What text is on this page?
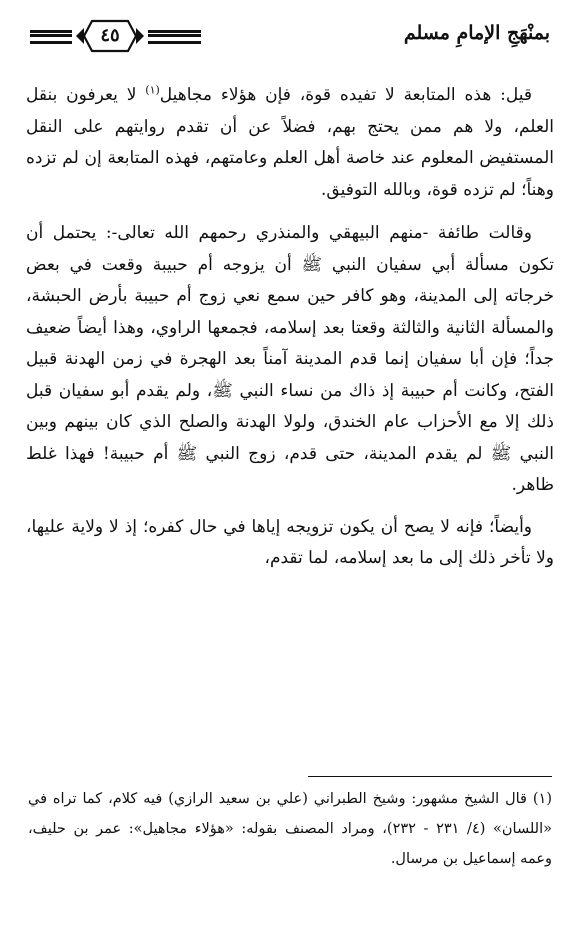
٤٥	بمنْهَجِ الإمامِ مسلم

قيل: هذه المتابعة لا تفيده قوة، فإن هؤلاء مجاهيل$^{(١)}$ لا يعرفون بنقل العلم، ولا هم ممن يحتج بهم، فضلاً عن أن تقدم روايتهم على النقل المستفيض المعلوم عند خاصة أهل العلم وعامتهم، فهذه المتابعة إن لم تزده وهناً؛ لم تزده قوة، وبالله التوفيق.

وقالت طائفة -منهم البيهقي والمنذري رحمهم الله تعالى-: يحتمل أن تكون مسألة أبي سفيان النبي ﷺ أن يزوجه أم حبيبة وقعت في بعض خرجاته إلى المدينة، وهو كافر حين سمع نعي زوج أم حبيبة بأرض الحبشة، والمسألة الثانية والثالثة وقعتا بعد إسلامه، فجمعها الراوي، وهذا أيضاً ضعيف جداً؛ فإن أبا سفيان إنما قدم المدينة آمناً بعد الهجرة في زمن الهدنة قبيل الفتح، وكانت أم حبيبة إذ ذاك من نساء النبي ﷺ، ولم يقدم أبو سفيان قبل ذلك إلا مع الأحزاب عام الخندق، ولولا الهدنة والصلح الذي كان بينهم وبين النبي ﷺ لم يقدم المدينة، حتى قدم، زوج النبي ﷺ أم حبيبة! فهذا غلط ظاهر.

وأيضاً؛ فإنه لا يصح أن يكون تزويجه إياها في حال كفره؛ إذ لا ولاية عليها، ولا تأخر ذلك إلى ما بعد إسلامه، لما تقدم،

(١) قال الشيخ مشهور: وشيخ الطبراني (علي بن سعيد الرازي) فيه كلام، كما تراه في «اللسان» (٤/ ٢٣١ - ٢٣٢)، ومراد المصنف بقوله: «هؤلاء مجاهيل»: عمر بن حليف، وعمه إسماعيل بن مرسال.
